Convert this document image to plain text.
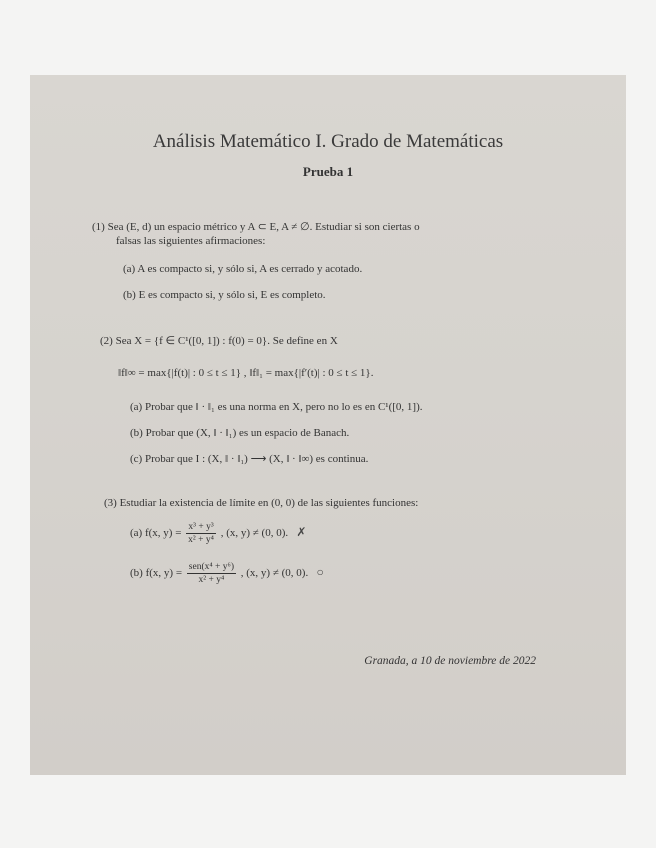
Análisis Matemático I. Grado de Matemáticas
Prueba 1
(1) Sea (E, d) un espacio métrico y A ⊂ E, A ≠ ∅. Estudiar si son ciertas o
falsas las siguientes afirmaciones:
(a) A es compacto si, y sólo si, A es cerrado y acotado.
(b) E es compacto si, y sólo si, E es completo.
(2) Sea X = {f ∈ C¹([0, 1]) : f(0) = 0}. Se define en X
‖f‖∞ = max{|f(t)| : 0 ≤ t ≤ 1} , ‖f‖₁ = max{|f′(t)| : 0 ≤ t ≤ 1}.
(a) Probar que ‖ · ‖₁ es una norma en X, pero no lo es en C¹([0, 1]).
(b) Probar que (X, ‖ · ‖₁) es un espacio de Banach.
(c) Probar que I : (X, ‖ · ‖₁) ⟶ (X, ‖ · ‖∞) es continua.
(3) Estudiar la existencia de límite en (0, 0) de las siguientes funciones:
(a) f(x, $y) = \frac{\text{x³ + y³}}{\text{x² + y⁴}}$ , (x, y) ≠ (0, 0). ✗
(b) f(x, $y) = \frac{\text{sen(x⁴ + y⁶)}}{\text{x² + y⁴}}$ , (x, y) ≠ (0, 0). ○
Granada, a 10 de noviembre de 2022
